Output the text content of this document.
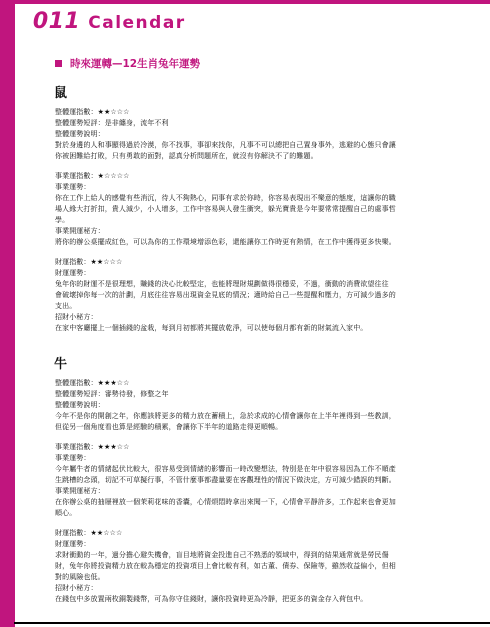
2011 Calendar
時來運轉—12生肖兔年運勢
鼠
整體運指數：★★☆☆☆
整體運勢短評：是非纏身，流年不利
整體運勢說明：
對於身邊的人和事顯得過於冷漠，你不找事，事卻來找你，凡事不可以總把自己置身事外，逃避的心態只會讓
你被困難給打敗，只有勇敢的面對，認真分析問題所在，就沒有你解決不了的難題。
事業運指數：★☆☆☆☆
事業運勢：
你在工作上給人的感覺有些消沉，待人不夠熱心，同事有求於你時，你容易表現出不樂意的態度，這讓你的職
場人緣大打折扣，貴人減少，小人增多，工作中容易與人發生衝突，躲光寶貴是今年要常常提醒自己的處事哲
學。
事業開運秘方：
將你的辦公桌擺成紅色，可以為你的工作環境增添色彩，還能讓你工作時更有熱情，在工作中獲得更多快樂。
財運指數：★★☆☆☆
財運運勢：
兔年你的財運不是很理想，賺錢的決心比較堅定，也能將理財規劃做得很穩妥，不過，衝動的消費欲望往往
會破壞掉你每一次的計劃，月底往往容易出現資金見底的情況；適時給自己一些提醒和壓力，方可減少過多的
支出。
招財小秘方：
在家中客廳擺上一個插錢的盆栽，每到月初都將其擺放乾淨，可以使每個月都有新的財氣流入家中。
牛
整體運指數：★★★☆☆
整體運勢短評：審勢待發，修整之年
整體運勢說明：
今年不是你的開創之年，你應該將更多的精力放在蓄積上，急於求成的心情會讓你在上半年裡得到一些教訓，
但從另一個角度看也算是經驗的積累，會讓你下半年的道路走得更順暢。
事業運指數：★★★☆☆
事業運勢：
今年屬牛者的情緒起伏比較大，很容易受到情緒的影響而一時改變想法，特別是在年中很容易因為工作不順產
生跳槽的念頭，切記不可草擬行事，不管什麼事都盡量要在客觀理性的情況下做決定，方可減少錯誤的判斷。
事業開運秘方：
在你辦公桌的抽屜裡放一個茉莉花味的香囊，心情煩悶時拿出來聞一下，心情會平靜許多，工作起來也會更加
順心。
財運指數：★★☆☆☆
財運運勢：
求財衝動的一年，過分擔心避失機會，盲目地將資金投進自己不熟悉的領域中，得到的結果通常就是勞民傷
財，兔年你將投資精力放在較為穩定的投資項目上會比較有利，如古董、債券、保險等，雖然收益偏小，但相
對的風險也低。
招財小秘方：
在錢包中多放置兩枚銅製錢幣，可為你守住錢財，讓你投資時更為冷靜，把更多的資金存入荷包中。
